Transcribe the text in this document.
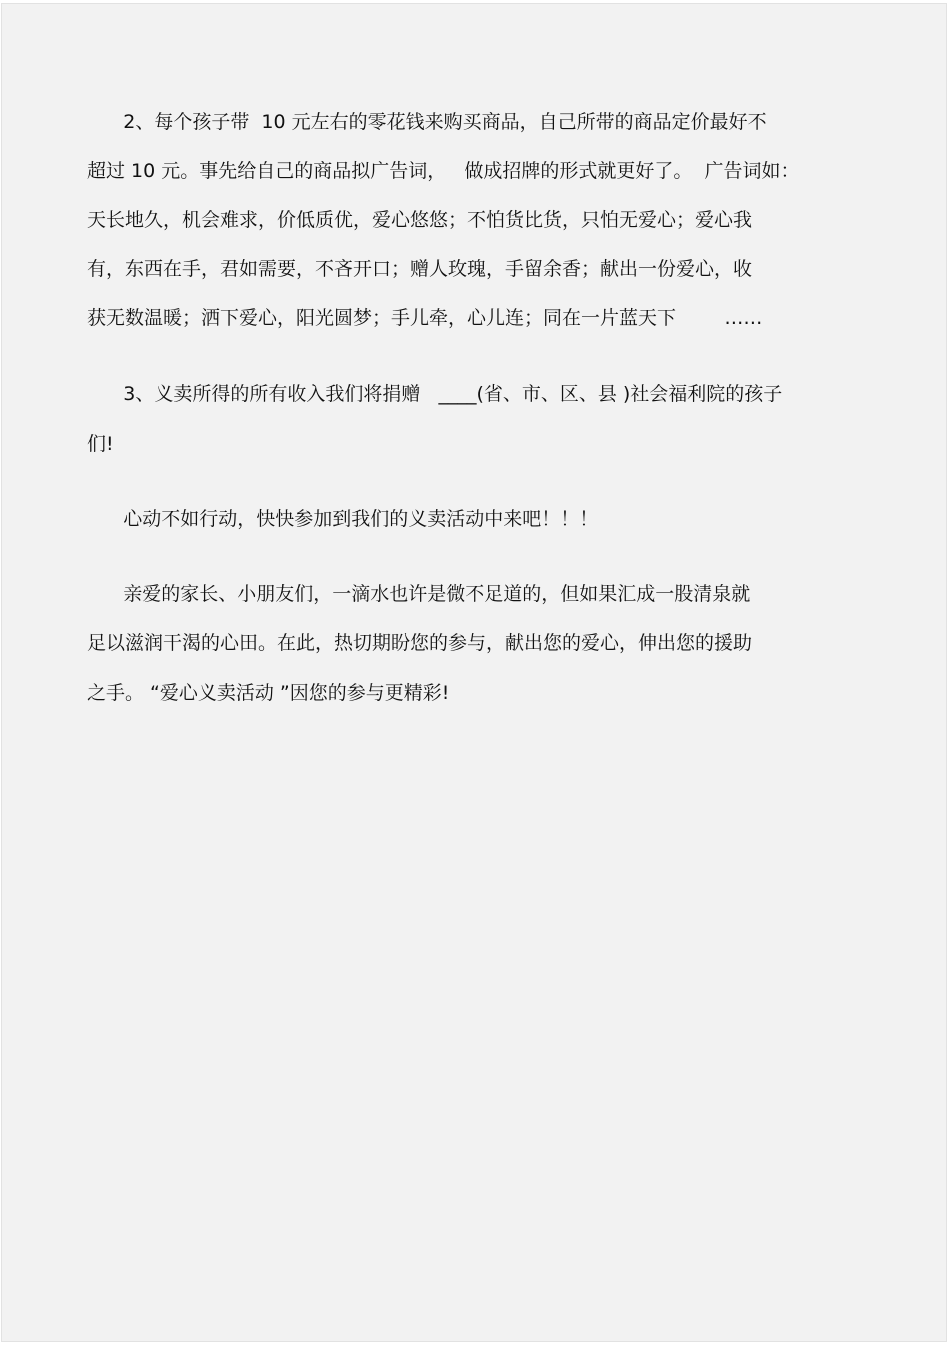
2、每个孩子带  10 元左右的零花钱来购买商品，自己所带的商品定价最好不
超过 10 元。事先给自己的商品拟广告词，   做成招牌的形式就更好了。  广告词如：
天长地久，机会难求，价低质优，爱心悠悠；不怕货比货，只怕无爱心；爱心我
有，东西在手，君如需要，不吝开口；赠人玫瑰，手留余香；献出一份爱心，收
获无数温暖；洒下爱心，阳光圆梦；手儿牵，心儿连；同在一片蓝天下        ……
3、义卖所得的所有收入我们将捐赠   ____(省、市、区、县 )社会福利院的孩子
们!
心动不如行动，快快参加到我们的义卖活动中来吧！！！
亲爱的家长、小朋友们，一滴水也许是微不足道的，但如果汇成一股清泉就
足以滋润干渴的心田。在此，热切期盼您的参与，献出您的爱心，伸出您的援助
之手。 “爱心义卖活动 ”因您的参与更精彩!
